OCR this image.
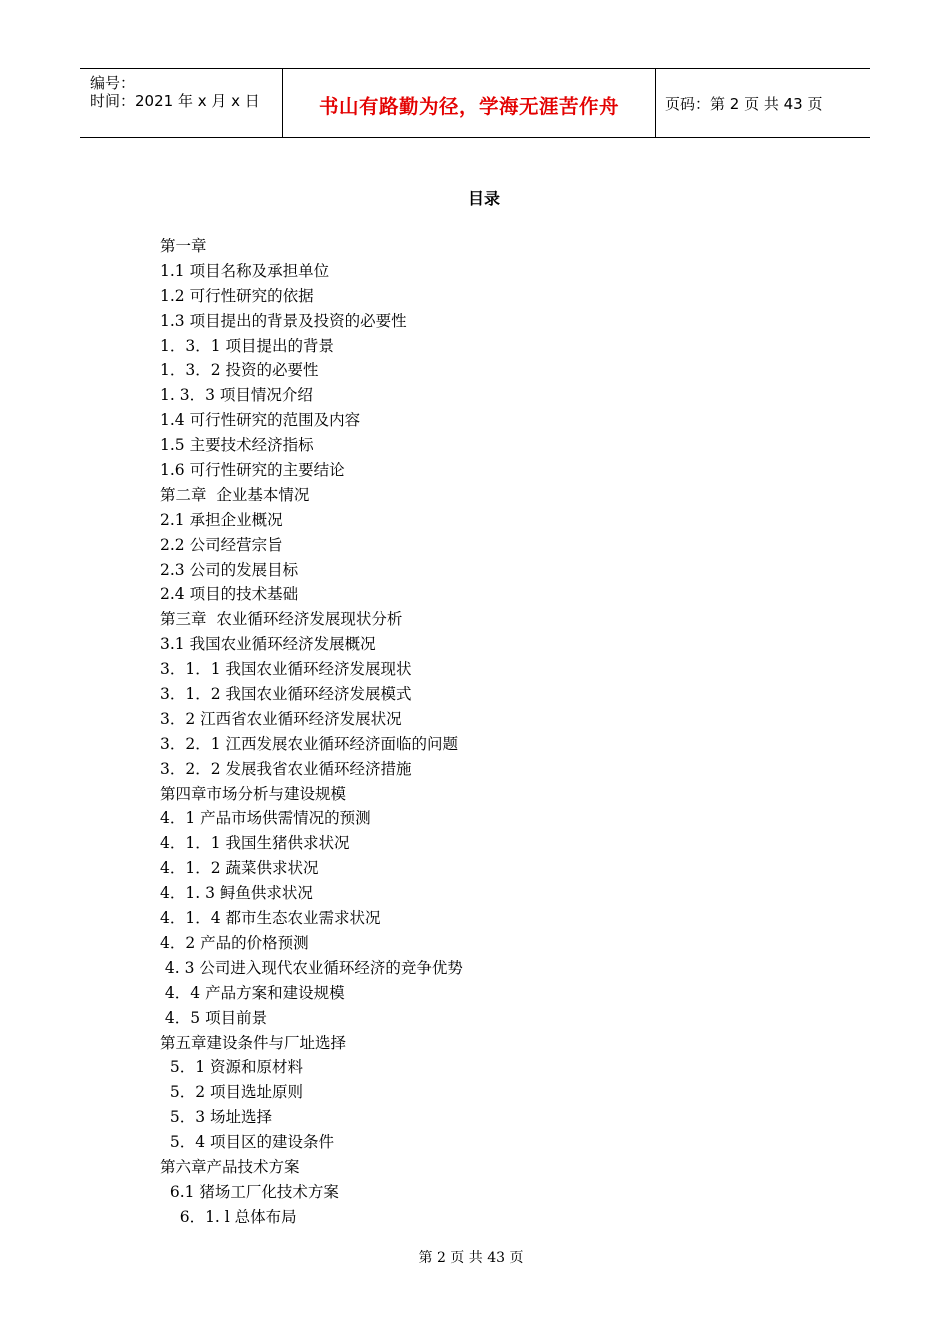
编号：
时间：2021 年 x 月 x 日	书山有路勤为径，学海无涯苦作舟	页码：第 2 页 共 43 页
目录
第一章
1.1 项目名称及承担单位
1.2 可行性研究的依据
1.3 项目提出的背景及投资的必要性
1．3．1 项目提出的背景
1．3．2 投资的必要性
1. 3．3 项目情况介绍
1.4 可行性研究的范围及内容
1.5 主要技术经济指标
1.6 可行性研究的主要结论
第二章  企业基本情况
2.1 承担企业概况
2.2 公司经营宗旨
2.3 公司的发展目标
2.4 项目的技术基础
第三章  农业循环经济发展现状分析
3.1 我国农业循环经济发展概况
3．1．1 我国农业循环经济发展现状
3．1．2 我国农业循环经济发展模式
3．2 江西省农业循环经济发展状况
3．2．1 江西发展农业循环经济面临的问题
3．2．2 发展我省农业循环经济措施
第四章市场分析与建设规模
4．1 产品市场供需情况的预测
4．1．1 我国生猪供求状况
4．1．2 蔬菜供求状况
4．1. 3 鲟鱼供求状况
4．1．4 都市生态农业需求状况
4．2 产品的价格预测
4. 3 公司进入现代农业循环经济的竞争优势
4．4 产品方案和建设规模
4．5 项目前景
第五章建设条件与厂址选择
5．1 资源和原材料
5．2 项目选址原则
5．3 场址选择
5．4 项目区的建设条件
第六章产品技术方案
6.1 猪场工厂化技术方案
6．1. l 总体布局
第 2 页 共 43 页
